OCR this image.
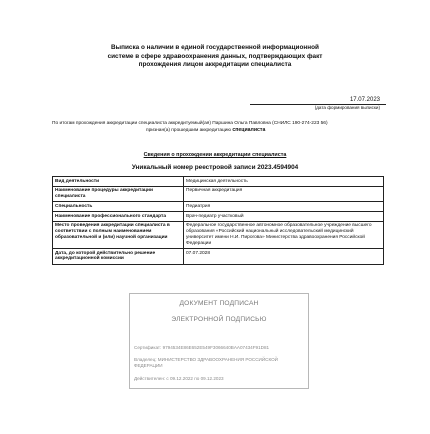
Выписка о наличии в единой государственной информационной
системе в сфере здравоохранения данных, подтверждающих факт
прохождения лицом аккредитации специалиста
17.07.2023
(дата формирования выписки)
По итогам прохождения аккредитации специалиста аккредитуемый(ая) Паршина Ольга Павловна (СНИЛС 190-274-223 56)
признан(а) прошедшим аккредитацию специалиста
Сведения о прохождении аккредитации специалиста
Уникальный номер реестровой записи 2023.4594904
Вид деятельности	Медицинская деятельность
Наименование процедуры аккредитации специалиста	Первичная аккредитация
Специальность	Педиатрия
Наименование профессионального стандарта	Врач-педиатр участковый
Место проведения аккредитации специалиста в соответствии с полным наименованием образовательной и (или) научной организации	Федеральное государственное автономное образовательное учреждение высшего образования «Российский национальный исследовательский медицинский университет имени Н.И. Пирогова» Министерства здравоохранения Российской Федерации
Дата, до которой действительно решение аккредитационной комиссии	07.07.2028
ДОКУМЕНТ ПОДПИСАН
ЭЛЕКТРОННОЙ ПОДПИСЬЮ
Сертификат: 9794534E86E652E549F3066640BAA07434F91D81
Владелец: МИНИСТЕРСТВО ЗДРАВООХРАНЕНИЯ РОССИЙСКОЙ ФЕДЕРАЦИИ
Действителен: с 09.12.2022 по 09.12.2023
